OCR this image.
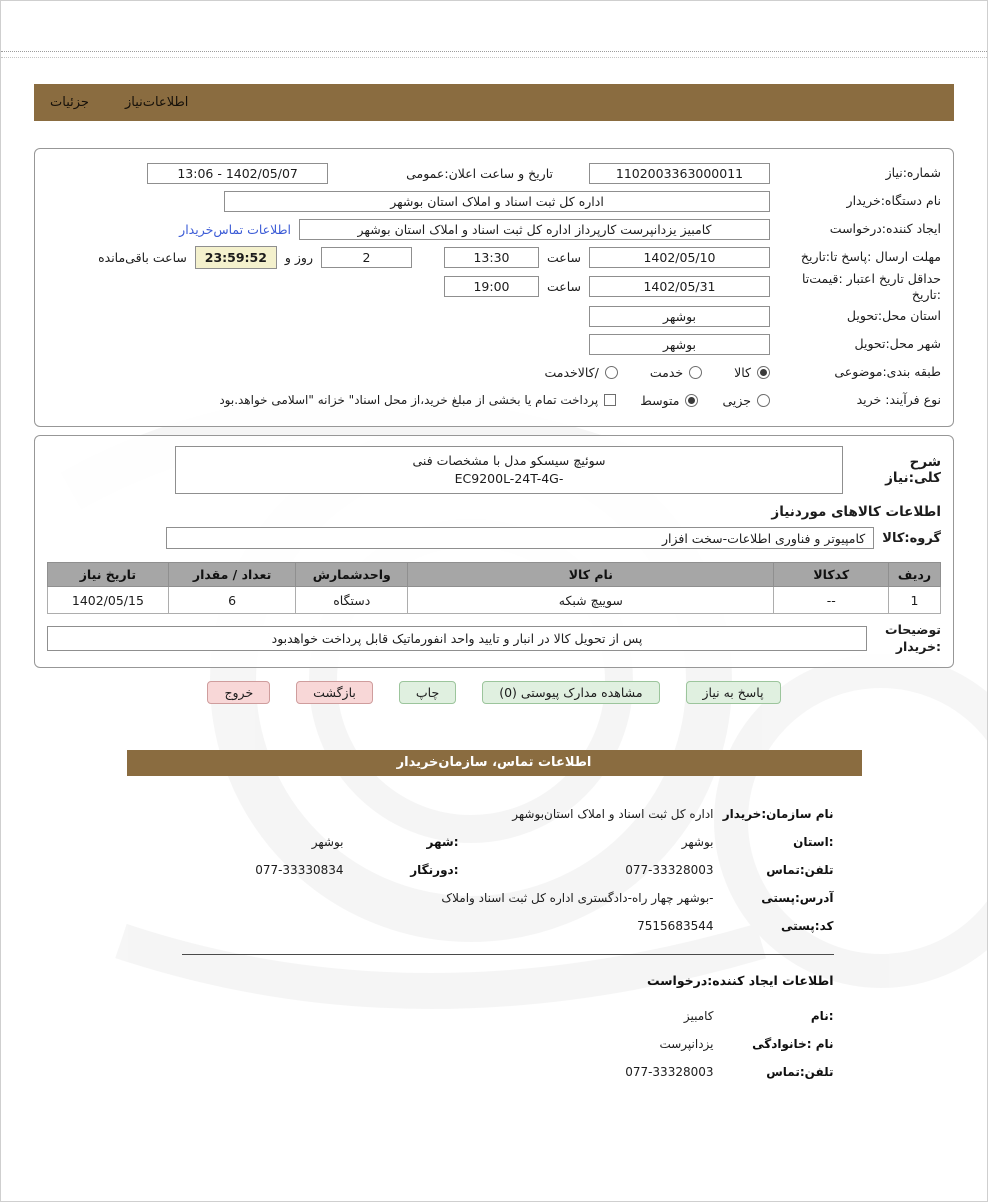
اطلاعات‌نیاز
جزئیات
شماره:نیاز
1102003363000011
تاریخ و ساعت اعلان:عمومی
13:06 - 1402/05/07
نام دستگاه:خریدار
اداره کل ثبت اسناد و املاک استان بوشهر
ایجاد کننده:درخواست
کامبیز یزدانپرست کارپرداز اداره کل ثبت اسناد و املاک استان بوشهر
اطلاعات تماس‌خریدار
مهلت ارسال :پاسخ تا:تاریخ
1402/05/10
ساعت
13:30
2
روز و
23:59:52
ساعت باقی‌مانده
حداقل تاریخ اعتبار :قیمت‌تا
:تاریخ
1402/05/31
ساعت
19:00
استان محل:تحویل
بوشهر
شهر محل:تحویل
بوشهر
طبقه بندی:موضوعی
کالا
خدمت
/کالاخدمت
نوع فرآیند: خرید
جزیی
متوسط
پرداخت تمام یا بخشی از مبلغ خرید،از محل اسناد" خزانه "اسلامی خواهد.بود
شرح کلی:نیاز
سوئیچ سیسکو مدل با مشخصات فنی
EC9200L-24T-4G-
اطلاعات کالاهای موردنیاز
گروه:کالا
کامپیوتر و فناوری اطلاعات-سخت افزار
ردیف	کدکالا	نام کالا	واحدشمارش	تعداد / مقدار	تاریخ نیاز
1	--	سوییچ شبکه	دستگاه	6	1402/05/15
توضیحات
:خریدار
پس از تحویل کالا در انبار و تایید واحد انفورماتیک قابل پرداخت خواهدبود
پاسخ به نیاز
مشاهده مدارک پیوستی (0)
چاپ
بازگشت
خروج
اطلاعات تماس، سازمان‌خریدار
نام سازمان:خریدار
اداره کل ثبت اسناد و املاک استان‌بوشهر
:استان
بوشهر
:شهر
بوشهر
تلفن:تماس
077-33328003
:دورنگار
077-33330834
آدرس:پستی
-بوشهر چهار راه-دادگستری اداره کل ثبت اسناد واملاک
کد:پستی
7515683544
اطلاعات ایجاد کننده:درخواست
:نام
کامبیز
نام :خانوادگی
یزدانپرست
تلفن:تماس
077-33328003
